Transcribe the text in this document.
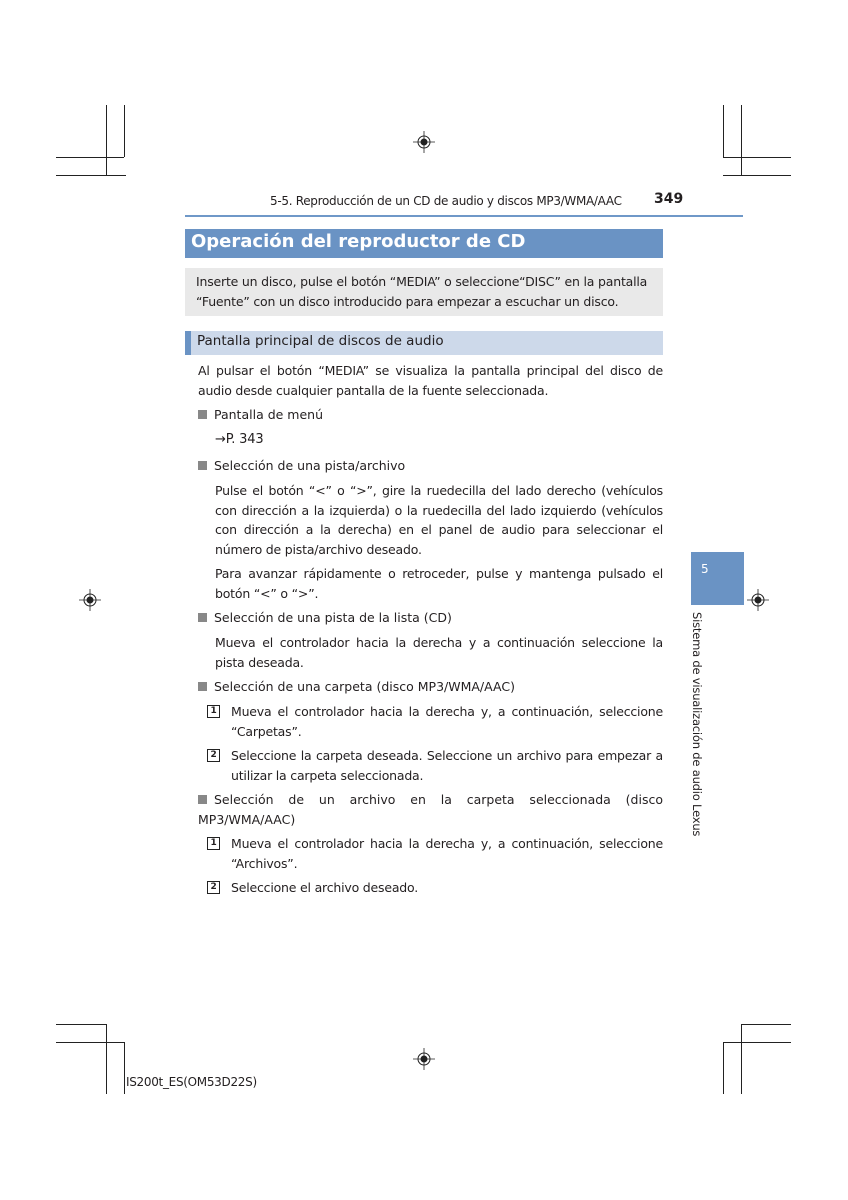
5-5. Reproducción de un CD de audio y discos MP3/WMA/AAC 349
Operación del reproductor de CD
Inserte un disco, pulse el botón “MEDIA” o seleccione“DISC” en la pantalla “Fuente” con un disco introducido para empezar a escuchar un disco.
Pantalla principal de discos de audio
Al pulsar el botón “MEDIA” se visualiza la pantalla principal del disco de audio desde cualquier pantalla de la fuente seleccionada.
Pantalla de menú
→P. 343
Selección de una pista/archivo
Pulse el botón “<” o “>”, gire la ruedecilla del lado derecho (vehículos con dirección a la izquierda) o la ruedecilla del lado izquierdo (vehículos con dirección a la derecha) en el panel de audio para seleccionar el número de pista/archivo deseado.
Para avanzar rápidamente o retroceder, pulse y mantenga pulsado el botón “<” o “>”.
Selección de una pista de la lista (CD)
Mueva el controlador hacia la derecha y a continuación seleccione la pista deseada.
Selección de una carpeta (disco MP3/WMA/AAC)
1 Mueva el controlador hacia la derecha y, a continuación, seleccione “Carpetas”.
2 Seleccione la carpeta deseada. Seleccione un archivo para empezar a utilizar la carpeta seleccionada.
Selección de un archivo en la carpeta seleccionada (disco MP3/WMA/AAC)
1 Mueva el controlador hacia la derecha y, a continuación, seleccione “Archivos”.
2 Seleccione el archivo deseado.
5
Sistema de visualización de audio Lexus
IS200t_ES(OM53D22S)
